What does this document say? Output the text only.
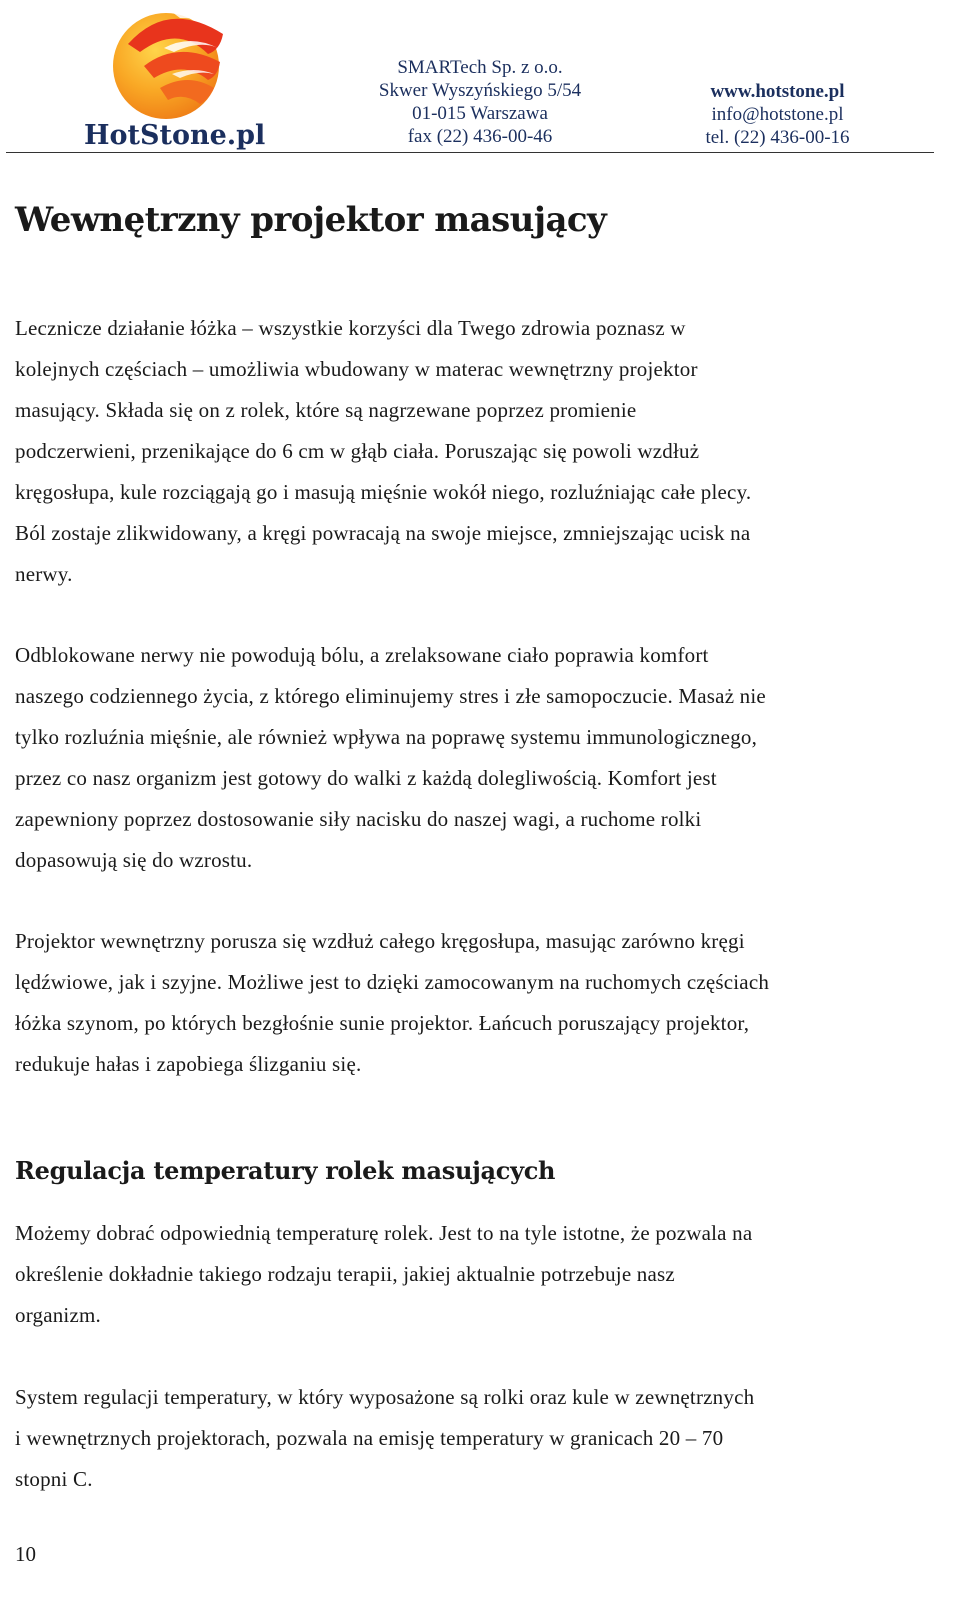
HotStone.pl
SMARTech Sp. z o.o.
Skwer Wyszyńskiego 5/54
01-015 Warszawa
fax (22) 436-00-46
www.hotstone.pl
info@hotstone.pl
tel. (22) 436-00-16
Wewnętrzny projektor masujący

Lecznicze działanie łóżka – wszystkie korzyści dla Twego zdrowia poznasz w
kolejnych częściach – umożliwia wbudowany w materac wewnętrzny projektor
masujący. Składa się on z rolek, które są nagrzewane poprzez promienie
podczerwieni, przenikające do 6 cm w głąb ciała. Poruszając się powoli wzdłuż
kręgosłupa, kule rozciągają go i masują mięśnie wokół niego, rozluźniając całe plecy.
Ból zostaje zlikwidowany, a kręgi powracają na swoje miejsce, zmniejszając ucisk na
nerwy.

Odblokowane nerwy nie powodują bólu, a zrelaksowane ciało poprawia komfort
naszego codziennego życia, z którego eliminujemy stres i złe samopoczucie. Masaż nie
tylko rozluźnia mięśnie, ale również wpływa na poprawę systemu immunologicznego,
przez co nasz organizm jest gotowy do walki z każdą dolegliwością. Komfort jest
zapewniony poprzez dostosowanie siły nacisku do naszej wagi, a ruchome rolki
dopasowują się do wzrostu.

Projektor wewnętrzny porusza się wzdłuż całego kręgosłupa, masując zarówno kręgi
lędźwiowe, jak i szyjne. Możliwe jest to dzięki zamocowanym na ruchomych częściach
łóżka szynom, po których bezgłośnie sunie projektor. Łańcuch poruszający projektor,
redukuje hałas i zapobiega ślizganiu się.

Regulacja temperatury rolek masujących

Możemy dobrać odpowiednią temperaturę rolek. Jest to na tyle istotne, że pozwala na
określenie dokładnie takiego rodzaju terapii, jakiej aktualnie potrzebuje nasz
organizm.

System regulacji temperatury, w który wyposażone są rolki oraz kule w zewnętrznych
i wewnętrznych projektorach, pozwala na emisję temperatury w granicach 20 – 70
stopni C.

10
